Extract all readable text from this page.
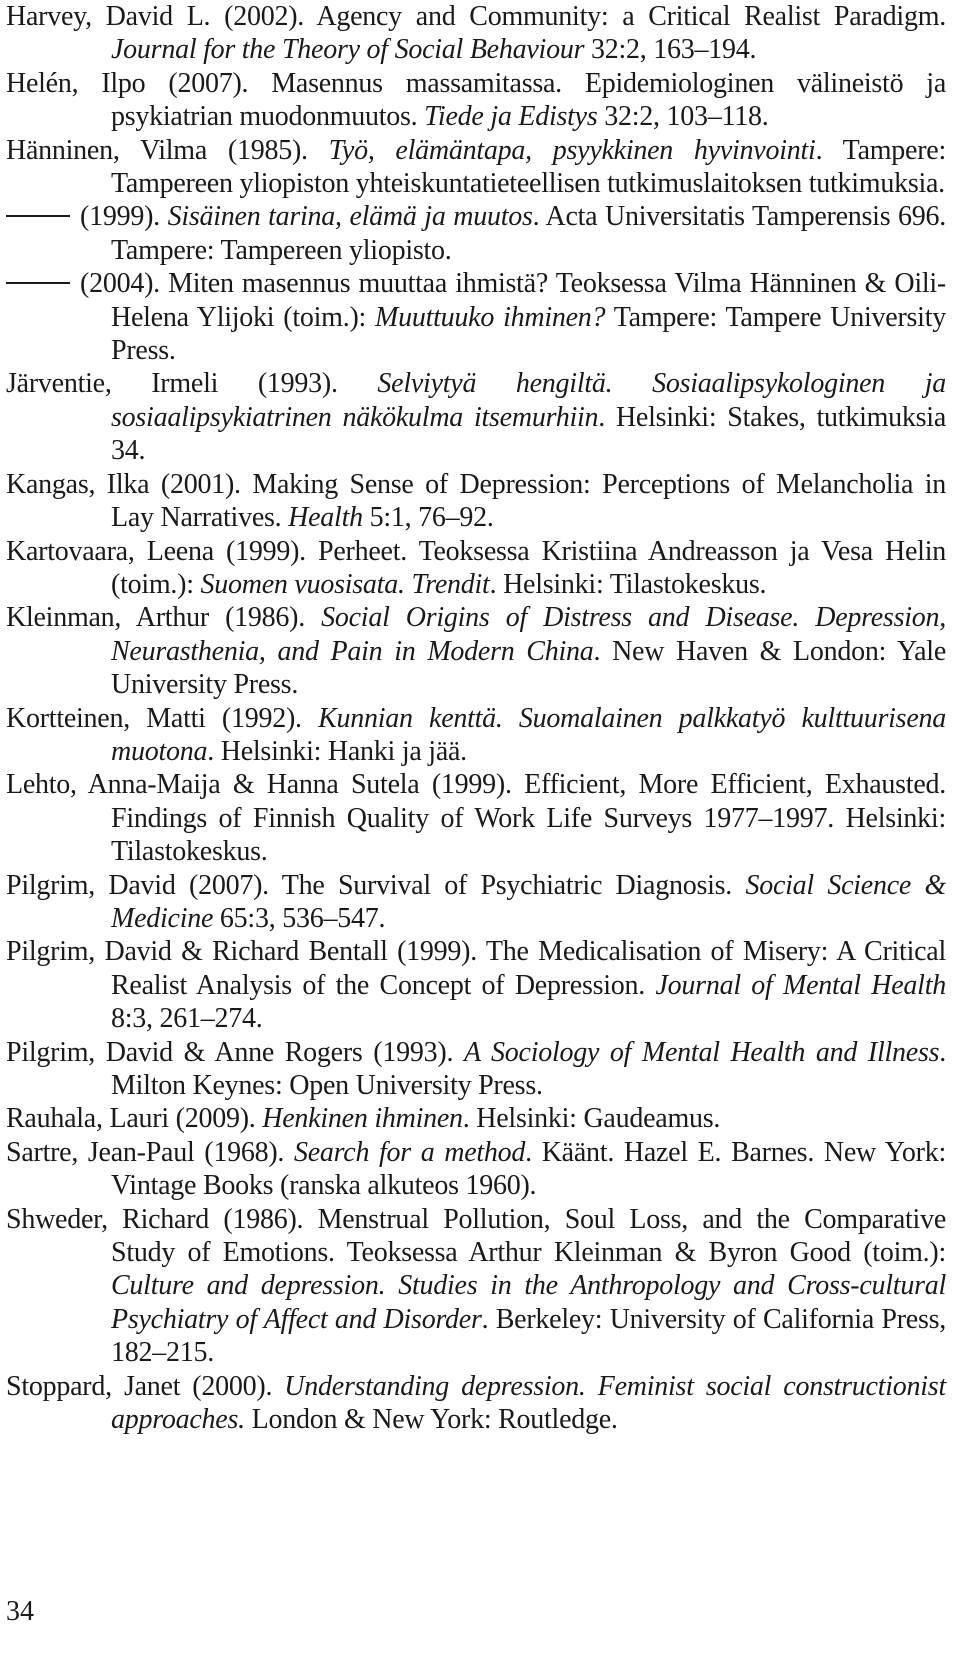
Harvey, David L. (2002). Agency and Community: a Critical Realist Paradigm. Journal for the Theory of Social Behaviour 32:2, 163–194.
Helén, Ilpo (2007). Masennus massamitassa. Epidemiologinen välineistö ja psykiatrian muodonmuutos. Tiede ja Edistys 32:2, 103–118.
Hänninen, Vilma (1985). Työ, elämäntapa, psyykkinen hyvinvointi. Tampere: Tampereen yliopiston yhteiskuntatieteellisen tutkimuslaitoksen tutkimuksia.
(1999). Sisäinen tarina, elämä ja muutos. Acta Universitatis Tamperensis 696. Tampere: Tampereen yliopisto.
(2004). Miten masennus muuttaa ihmistä? Teoksessa Vilma Hänninen & Oili-Helena Ylijoki (toim.): Muuttuuko ihminen? Tampere: Tampere University Press.
Järventie, Irmeli (1993). Selviytyä hengiltä. Sosiaalipsykologinen ja sosiaalipsykiatrinen näkökulma itsemurhiin. Helsinki: Stakes, tutkimuksia 34.
Kangas, Ilka (2001). Making Sense of Depression: Perceptions of Melancholia in Lay Narratives. Health 5:1, 76–92.
Kartovaara, Leena (1999). Perheet. Teoksessa Kristiina Andreasson ja Vesa Helin (toim.): Suomen vuosisata. Trendit. Helsinki: Tilastokeskus.
Kleinman, Arthur (1986). Social Origins of Distress and Disease. Depression, Neurasthenia, and Pain in Modern China. New Haven & London: Yale University Press.
Kortteinen, Matti (1992). Kunnian kenttä. Suomalainen palkkatyö kulttuurisena muotona. Helsinki: Hanki ja jää.
Lehto, Anna-Maija & Hanna Sutela (1999). Efficient, More Efficient, Exhausted. Findings of Finnish Quality of Work Life Surveys 1977–1997. Helsinki: Tilastokeskus.
Pilgrim, David (2007). The Survival of Psychiatric Diagnosis. Social Science & Medicine 65:3, 536–547.
Pilgrim, David & Richard Bentall (1999). The Medicalisation of Misery: A Critical Realist Analysis of the Concept of Depression. Journal of Mental Health 8:3, 261–274.
Pilgrim, David & Anne Rogers (1993). A Sociology of Mental Health and Illness. Milton Keynes: Open University Press.
Rauhala, Lauri (2009). Henkinen ihminen. Helsinki: Gaudeamus.
Sartre, Jean-Paul (1968). Search for a method. Käänt. Hazel E. Barnes. New York: Vintage Books (ranska alkuteos 1960).
Shweder, Richard (1986). Menstrual Pollution, Soul Loss, and the Comparative Study of Emotions. Teoksessa Arthur Kleinman & Byron Good (toim.): Culture and depression. Studies in the Anthropology and Cross-cultural Psychiatry of Affect and Disorder. Berkeley: University of California Press, 182–215.
Stoppard, Janet (2000). Understanding depression. Feminist social constructionist approaches. London & New York: Routledge.
34
